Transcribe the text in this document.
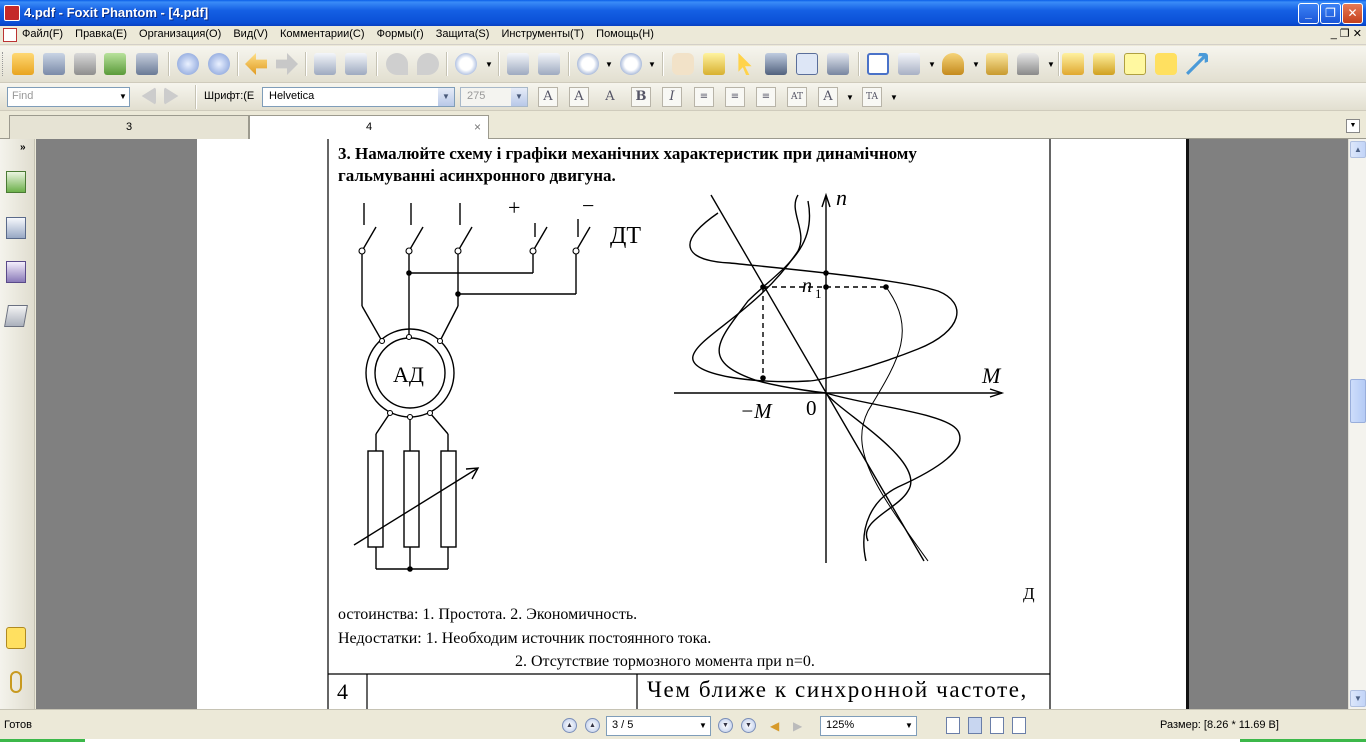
4.pdf - Foxit Phantom - [4.pdf]	_	❐ ✕
Файл(F) Правка(E) Организация(O) Вид(V) Комментарии(C) Формы(r) Защита(S) Инструменты(T) Помощь(H)	_ ❐ ✕
▼	▼	▼	▼	▼	▼
Find	▼	Шрифт:(E	Helvetica	▼	275	▼	A	A	A	B	I	≡	≡	≡	AT	A	▼	TA	▼
3	4	×	▼
»	3. Намалюйте схему і графіки механічних характеристик при динамічному
гальмуванні асинхронного двигуна.
+	−
ДТ
АД
n
M
n 1
−M 0
Д
остоинства: 1. Простота. 2. Экономичность.
Недостатки: 1. Необходим источник постоянного тока.
2. Отсутствие тормозного момента при n=0.
4	Чем ближе к синхронной частоте,
▲
▼
Готов	▲	▲	3 / 5	▼	▼	▼	◀ ▶	125%	▼	Размер: [8.26 * 11.69 В]
